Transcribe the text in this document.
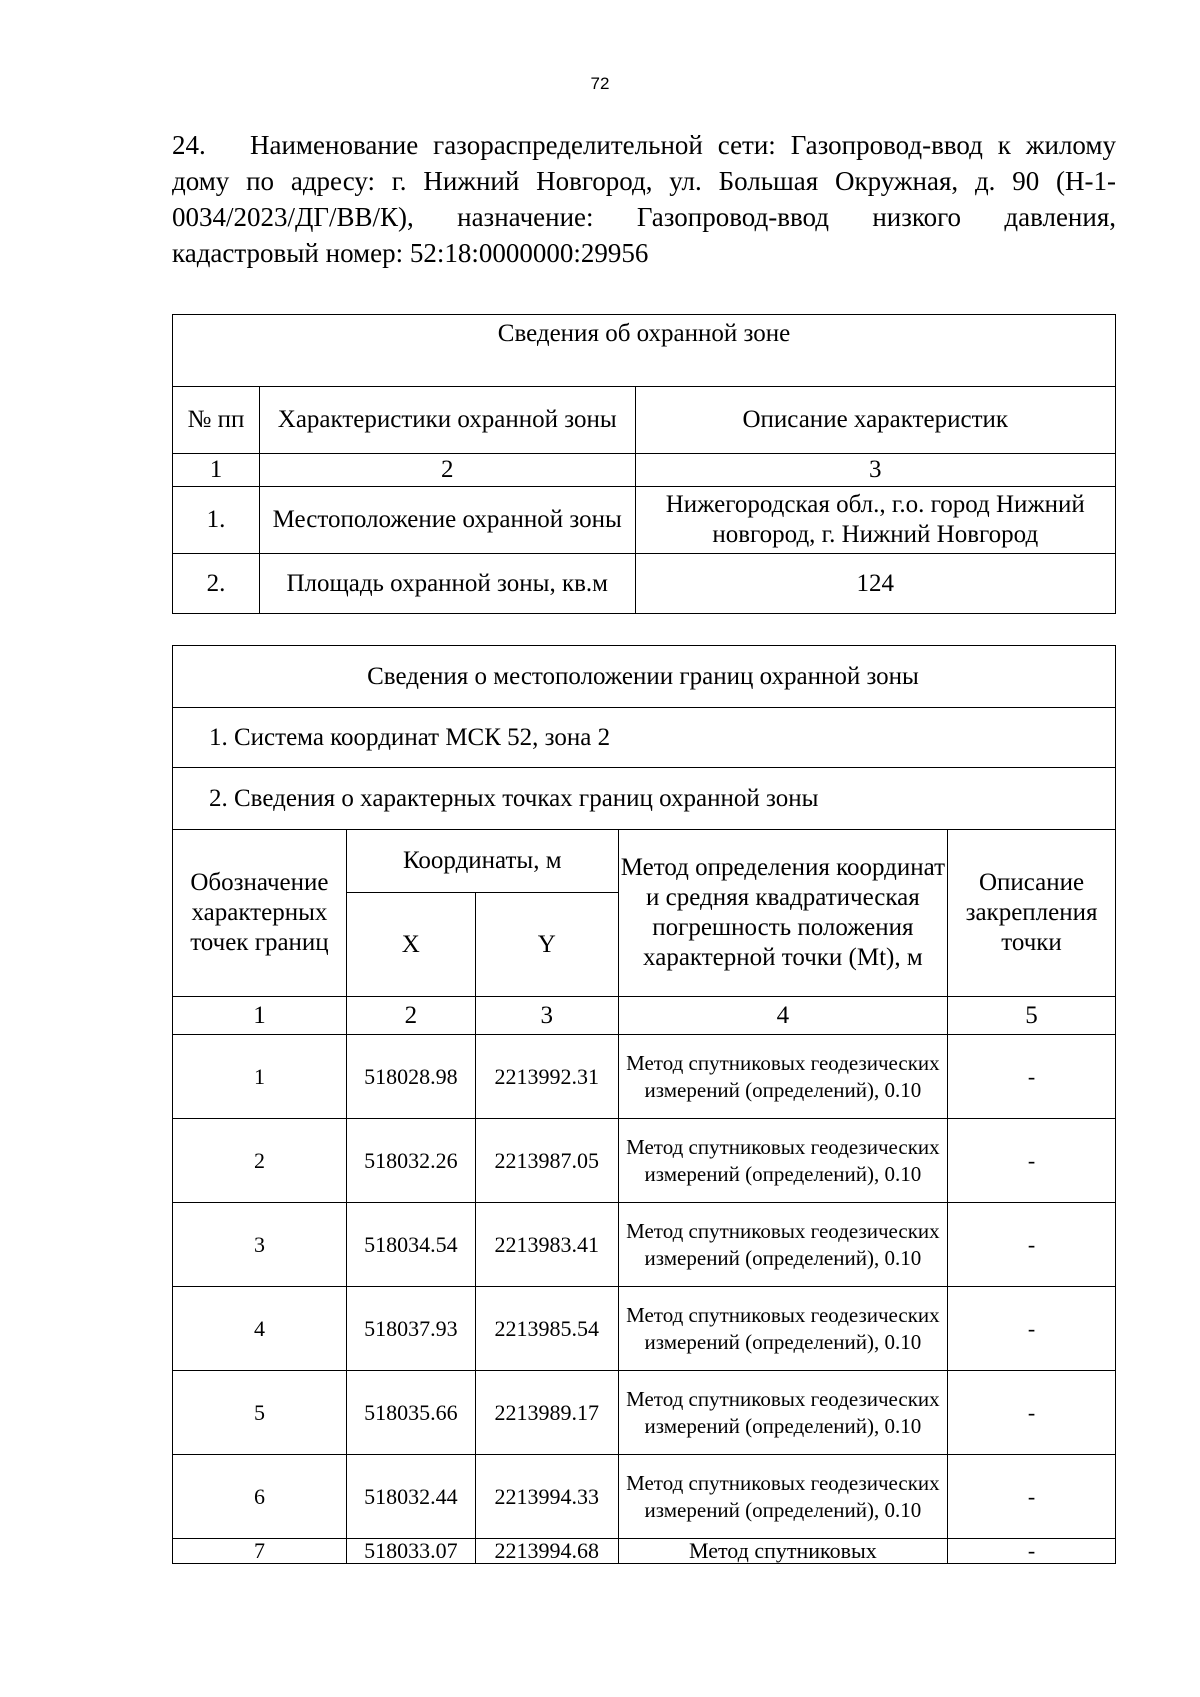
72
24. Наименование газораспределительной сети: Газопровод-ввод к жилому
дому по адресу: г. Нижний Новгород, ул. Большая Окружная, д. 90 (Н-1-
0034/2023/ДГ/ВВ/К), назначение: Газопровод-ввод низкого давления,
кадастровый номер: 52:18:0000000:29956
Сведения об охранной зоне		
№ пп	Характеристики охранной зоны	Описание характеристик
1	2	3
1.	Местоположение охранной зоны	Нижегородская обл., г.о. город Нижний новгород, г. Нижний Новгород
2.	Площадь охранной зоны, кв.м	124
Сведения о местоположении границ охранной зоны				
1. Система координат МСК 52, зона 2				
2. Сведения о характерных точках границ охранной зоны				
Обозначение характерных точек границ	Координаты, м		Метод определения координат и средняя квадратическая погрешность положения характерной точки (Mt), м	Описание закрепления точки
	X	Y		
1	2	3	4	5
1	518028.98	2213992.31	Метод спутниковых геодезических измерений (определений), 0.10	-
2	518032.26	2213987.05	Метод спутниковых геодезических измерений (определений), 0.10	-
3	518034.54	2213983.41	Метод спутниковых геодезических измерений (определений), 0.10	-
4	518037.93	2213985.54	Метод спутниковых геодезических измерений (определений), 0.10	-
5	518035.66	2213989.17	Метод спутниковых геодезических измерений (определений), 0.10	-
6	518032.44	2213994.33	Метод спутниковых геодезических измерений (определений), 0.10	-
7	518033.07	2213994.68	Метод спутниковых	-
